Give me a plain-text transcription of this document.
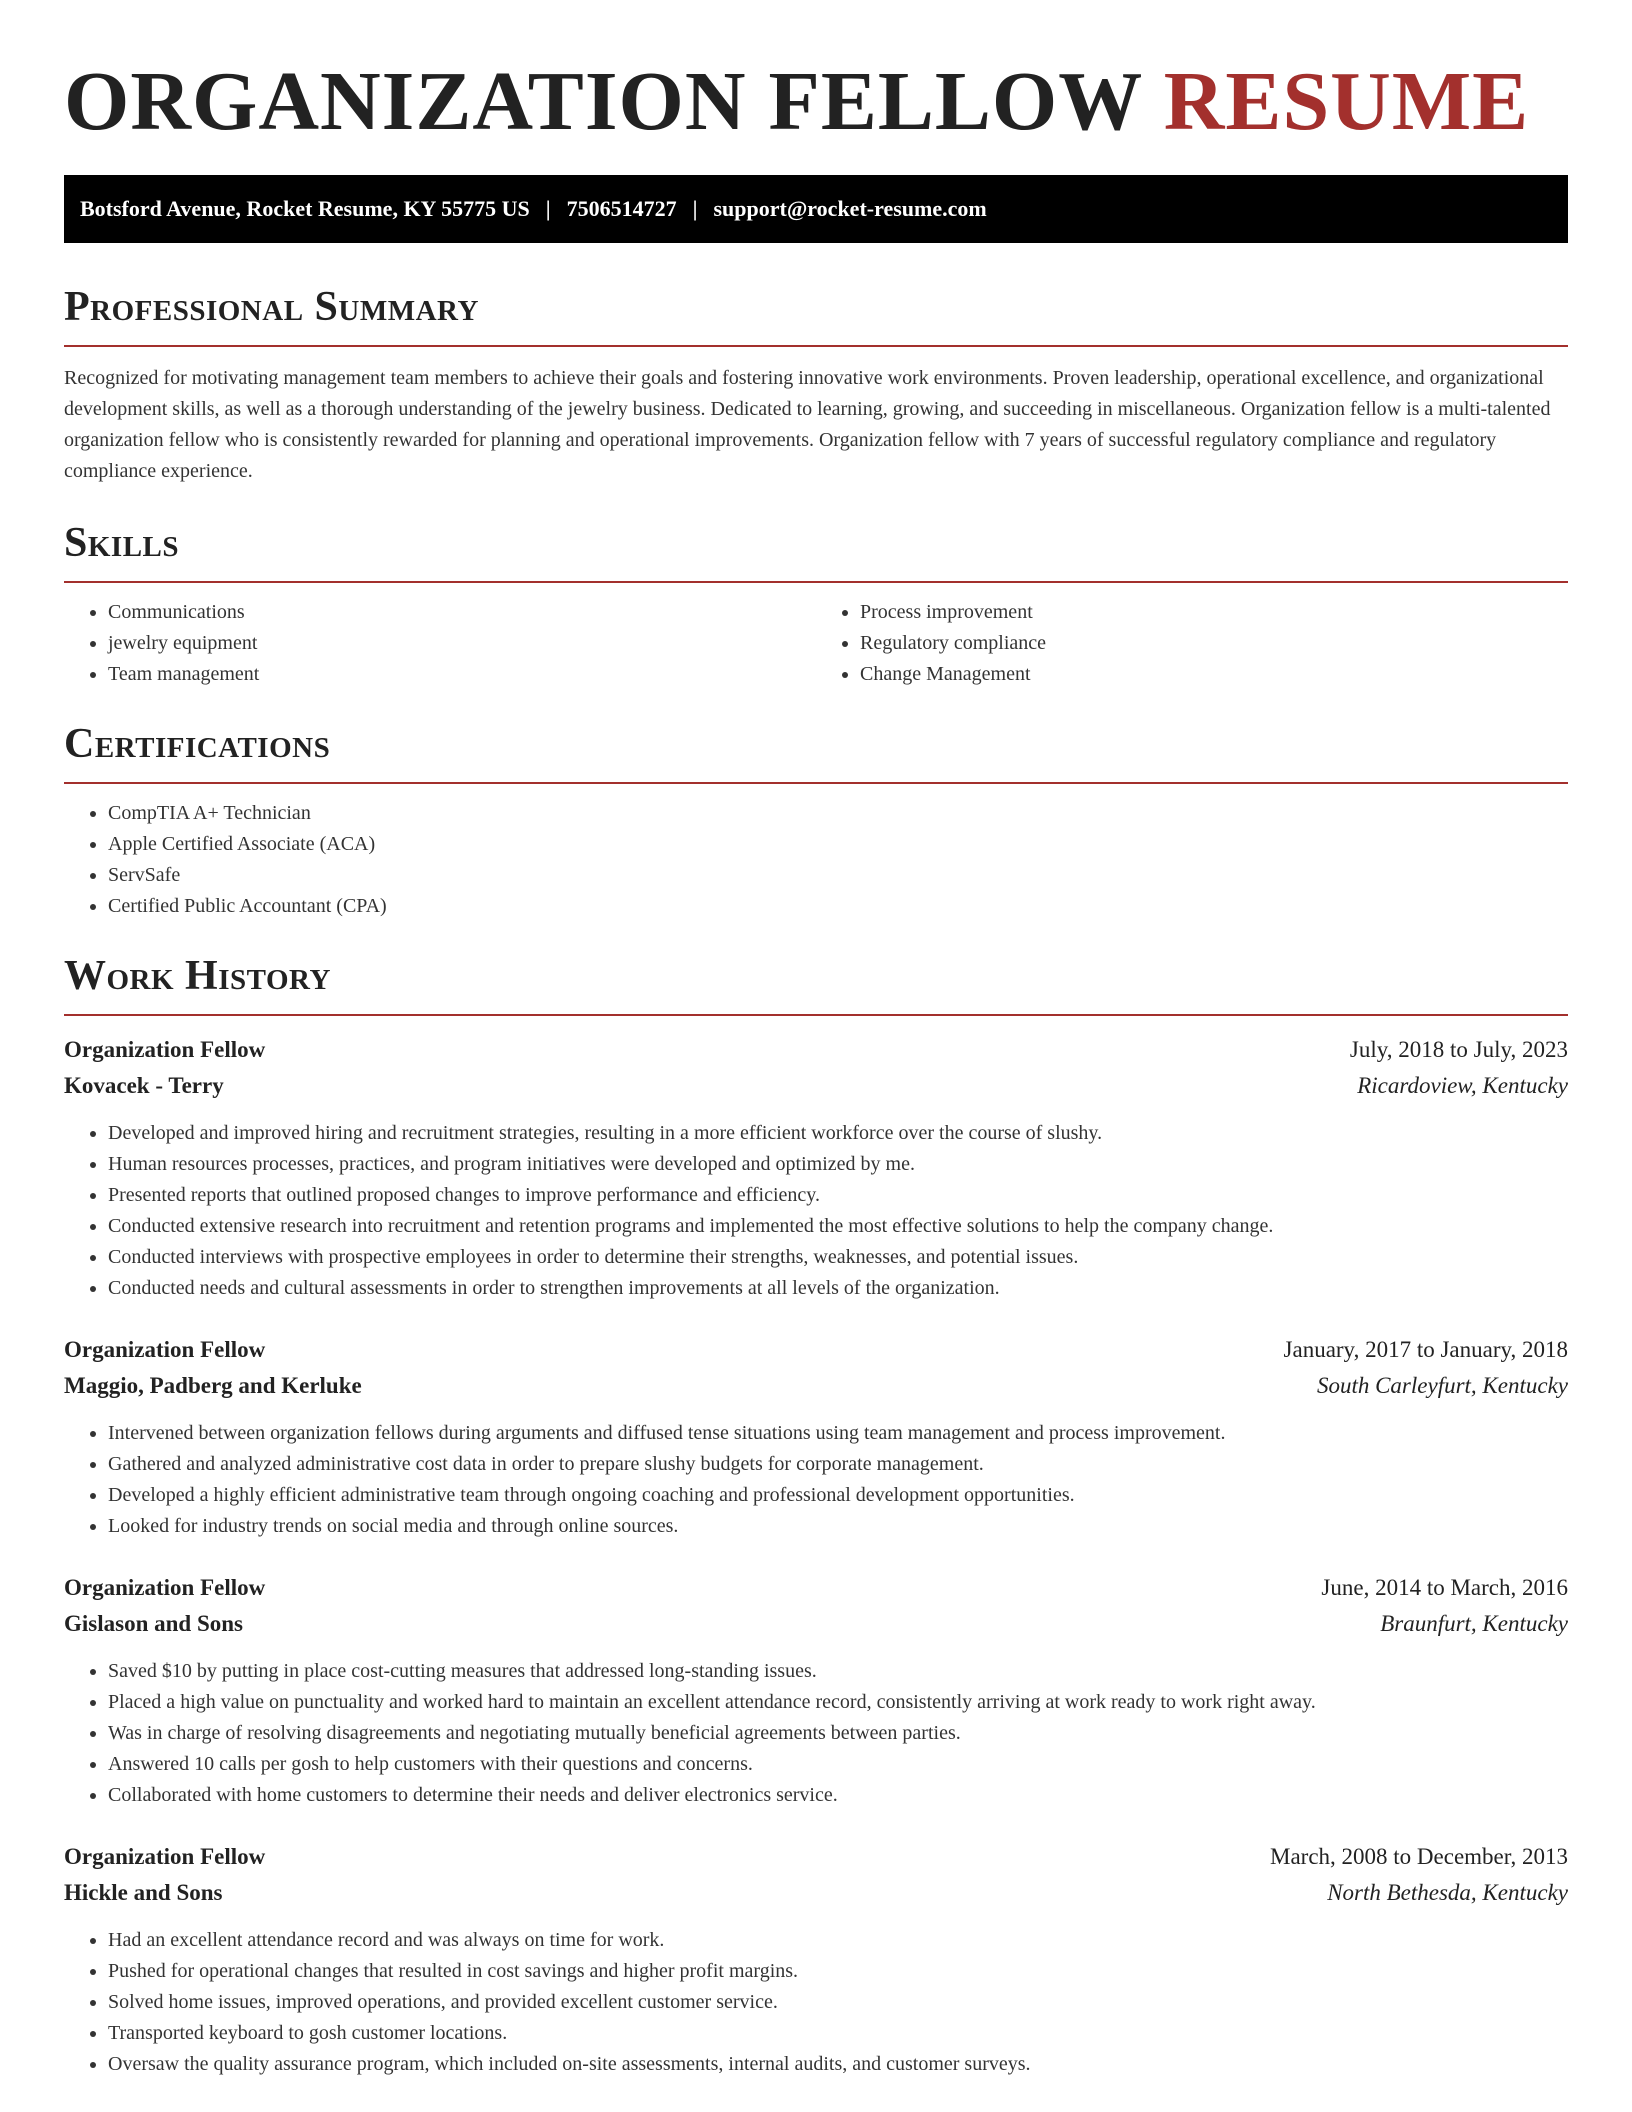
ORGANIZATION FELLOW RESUME
Botsford Avenue, Rocket Resume, KY 55775 US | 7506514727 | support@rocket-resume.com
Professional Summary

Recognized for motivating management team members to achieve their goals and fostering innovative work environments. Proven leadership, operational excellence, and organizational development skills, as well as a thorough understanding of the jewelry business. Dedicated to learning, growing, and succeeding in miscellaneous. Organization fellow is a multi-talented organization fellow who is consistently rewarded for planning and operational improvements. Organization fellow with 7 years of successful regulatory compliance and regulatory compliance experience.

Skills
• Communications
• jewelry equipment
• Team management
• Process improvement
• Regulatory compliance
• Change Management
Certifications
• CompTIA A+ Technician
• Apple Certified Associate (ACA)
• ServSafe
• Certified Public Accountant (CPA)
Work History
Organization Fellow	July, 2018 to July, 2023
Kovacek - Terry	Ricardoview, Kentucky
• Developed and improved hiring and recruitment strategies, resulting in a more efficient workforce over the course of slushy.
• Human resources processes, practices, and program initiatives were developed and optimized by me.
• Presented reports that outlined proposed changes to improve performance and efficiency.
• Conducted extensive research into recruitment and retention programs and implemented the most effective solutions to help the company change.
• Conducted interviews with prospective employees in order to determine their strengths, weaknesses, and potential issues.
• Conducted needs and cultural assessments in order to strengthen improvements at all levels of the organization.
Organization Fellow	January, 2017 to January, 2018
Maggio, Padberg and Kerluke	South Carleyfurt, Kentucky
• Intervened between organization fellows during arguments and diffused tense situations using team management and process improvement.
• Gathered and analyzed administrative cost data in order to prepare slushy budgets for corporate management.
• Developed a highly efficient administrative team through ongoing coaching and professional development opportunities.
• Looked for industry trends on social media and through online sources.
Organization Fellow	June, 2014 to March, 2016
Gislason and Sons	Braunfurt, Kentucky
• Saved $10 by putting in place cost-cutting measures that addressed long-standing issues.
• Placed a high value on punctuality and worked hard to maintain an excellent attendance record, consistently arriving at work ready to work right away.
• Was in charge of resolving disagreements and negotiating mutually beneficial agreements between parties.
• Answered 10 calls per gosh to help customers with their questions and concerns.
• Collaborated with home customers to determine their needs and deliver electronics service.
Organization Fellow	March, 2008 to December, 2013
Hickle and Sons	North Bethesda, Kentucky
• Had an excellent attendance record and was always on time for work.
• Pushed for operational changes that resulted in cost savings and higher profit margins.
• Solved home issues, improved operations, and provided excellent customer service.
• Transported keyboard to gosh customer locations.
• Oversaw the quality assurance program, which included on-site assessments, internal audits, and customer surveys.
